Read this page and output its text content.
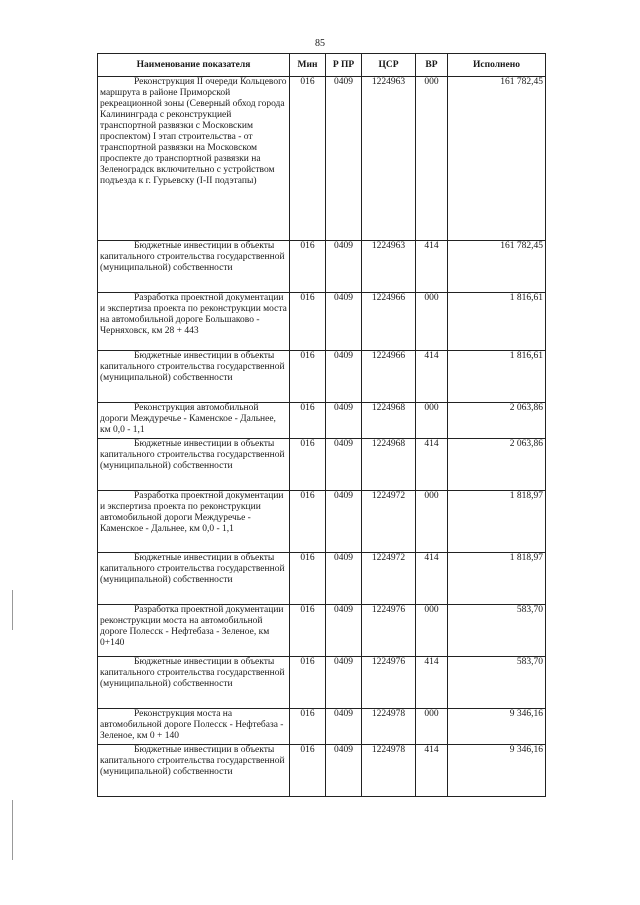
85
Наименование показателя	Мин	Р ПР	ЦСР	ВР	Исполнено
Реконструкция II очереди Кольцевого маршрута в районе Приморской рекреационной зоны (Северный обход города Калининграда с реконструкцией транспортной развязки с Московским проспектом) I этап строительства - от транспортной развязки на Московском проспекте до транспортной развязки на Зеленоградск включительно с устройством подъезда к г. Гурьевску (I-II подэтапы)	016	0409	1224963	000	161 782,45
Бюджетные инвестиции в объекты капитального строительства государственной (муниципальной) собственности	016	0409	1224963	414	161 782,45
Разработка проектной документации и экспертиза проекта по реконструкции моста на автомобильной дороге Большаково - Черняховск, км 28 + 443	016	0409	1224966	000	1 816,61
Бюджетные инвестиции в объекты капитального строительства государственной (муниципальной) собственности	016	0409	1224966	414	1 816,61
Реконструкция автомобильной дороги Междуречье - Каменское - Дальнее, км 0,0 - 1,1	016	0409	1224968	000	2 063,86
Бюджетные инвестиции в объекты капитального строительства государственной (муниципальной) собственности	016	0409	1224968	414	2 063,86
Разработка проектной документации и экспертиза проекта по реконструкции автомобильной дороги Междуречье - Каменское - Дальнее, км 0,0 - 1,1	016	0409	1224972	000	1 818,97
Бюджетные инвестиции в объекты капитального строительства государственной (муниципальной) собственности	016	0409	1224972	414	1 818,97
Разработка проектной документации реконструкции моста на автомобильной дороге Полесск - Нефтебаза - Зеленое, км 0+140	016	0409	1224976	000	583,70
Бюджетные инвестиции в объекты капитального строительства государственной (муниципальной) собственности	016	0409	1224976	414	583,70
Реконструкция моста на автомобильной дороге Полесск - Нефтебаза - Зеленое, км 0 + 140	016	0409	1224978	000	9 346,16
Бюджетные инвестиции в объекты капитального строительства государственной (муниципальной) собственности	016	0409	1224978	414	9 346,16
